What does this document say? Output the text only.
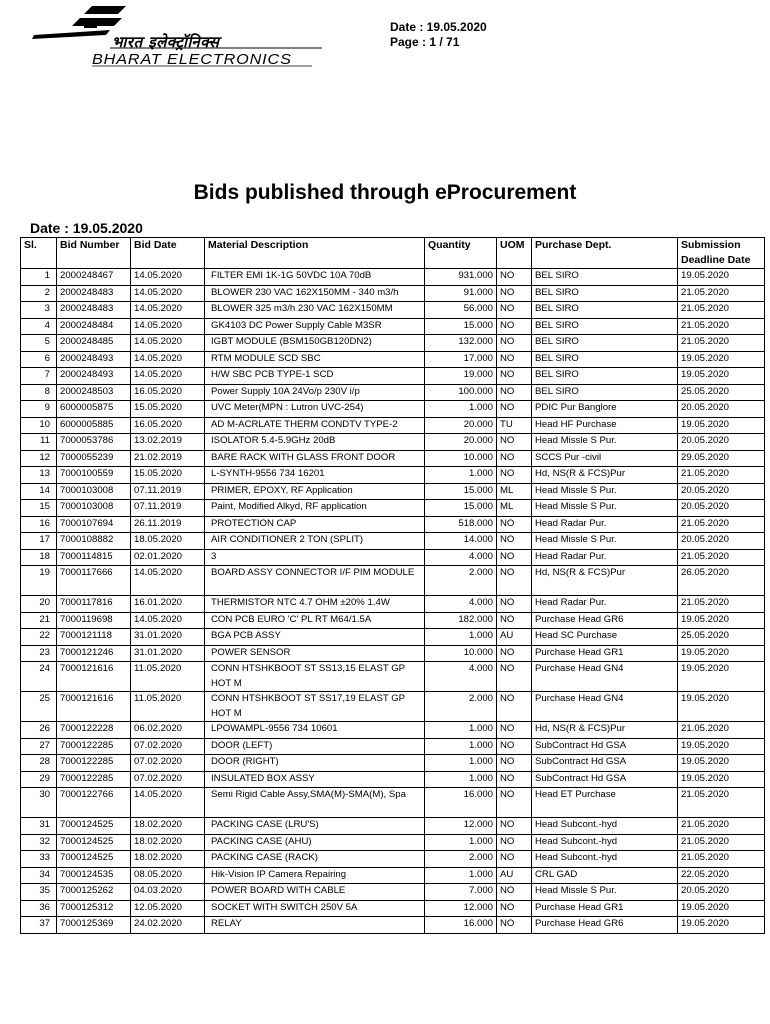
भारत इलेक्ट्रॉनिक्स
BHARAT ELECTRONICS
Date : 19.05.2020
Page : 1 / 71
Bids published through eProcurement
Date : 19.05.2020
Sl.	Bid Number	Bid Date	Material Description	Quantity	UOM	Purchase Dept.	Submission Deadline Date
1	2000248467	14.05.2020	FILTER EMI 1K-1G 50VDC 10A 70dB	931.000	NO	BEL SIRO	19.05.2020
2	2000248483	14.05.2020	BLOWER 230 VAC 162X150MM - 340 m3/h	91.000	NO	BEL SIRO	21.05.2020
3	2000248483	14.05.2020	BLOWER 325 m3/h 230 VAC 162X150MM	56.000	NO	BEL SIRO	21.05.2020
4	2000248484	14.05.2020	GK4103 DC Power Supply Cable M3SR	15.000	NO	BEL SIRO	21.05.2020
5	2000248485	14.05.2020	IGBT MODULE (BSM150GB120DN2)	132.000	NO	BEL SIRO	21.05.2020
6	2000248493	14.05.2020	RTM MODULE SCD SBC	17.000	NO	BEL SIRO	19.05.2020
7	2000248493	14.05.2020	H/W SBC PCB TYPE-1 SCD	19.000	NO	BEL SIRO	19.05.2020
8	2000248503	16.05.2020	Power Supply 10A 24Vo/p 230V i/p	100.000	NO	BEL SIRO	25.05.2020
9	6000005875	15.05.2020	UVC Meter(MPN : Lutron UVC-254)	1.000	NO	PDIC Pur Banglore	20.05.2020
10	6000005885	16.05.2020	AD M-ACRLATE THERM CONDTV TYPE-2	20.000	TU	Head HF Purchase	19.05.2020
11	7000053786	13.02.2019	ISOLATOR 5.4-5.9GHz 20dB	20.000	NO	Head Missle S Pur.	20.05.2020
12	7000055239	21.02.2019	BARE RACK WITH GLASS FRONT DOOR	10.000	NO	SCCS Pur -civil	29.05.2020
13	7000100559	15.05.2020	L-SYNTH-9556 734 16201	1.000	NO	Hd, NS(R & FCS)Pur	21.05.2020
14	7000103008	07.11.2019	PRIMER, EPOXY, RF Application	15.000	ML	Head Missle S Pur.	20.05.2020
15	7000103008	07.11.2019	Paint, Modified Alkyd, RF application	15.000	ML	Head Missle S Pur.	20.05.2020
16	7000107694	26.11.2019	PROTECTION CAP	518.000	NO	Head Radar Pur.	21.05.2020
17	7000108882	18.05.2020	AIR CONDITIONER 2 TON (SPLIT)	14.000	NO	Head Missle S Pur.	20.05.2020
18	7000114815	02.01.2020	3	4.000	NO	Head Radar Pur.	21.05.2020
19	7000117666	14.05.2020	BOARD ASSY CONNECTOR I/F PIM MODULE	2.000	NO	Hd, NS(R & FCS)Pur	26.05.2020
20	7000117816	16.01.2020	THERMISTOR NTC 4.7 OHM ±20% 1.4W	4.000	NO	Head Radar Pur.	21.05.2020
21	7000119698	14.05.2020	CON PCB EURO 'C' PL RT M64/1.5A	182.000	NO	Purchase Head GR6	19.05.2020
22	7000121118	31.01.2020	BGA PCB ASSY	1.000	AU	Head SC Purchase	25.05.2020
23	7000121246	31.01.2020	POWER SENSOR	10.000	NO	Purchase Head GR1	19.05.2020
24	7000121616	11.05.2020	CONN HTSHKBOOT ST SS13,15 ELAST GP HOT M	4.000	NO	Purchase Head GN4	19.05.2020
25	7000121616	11.05.2020	CONN HTSHKBOOT ST SS17,19 ELAST GP HOT M	2.000	NO	Purchase Head GN4	19.05.2020
26	7000122228	06.02.2020	LPOWAMPL-9556 734 10601	1.000	NO	Hd, NS(R & FCS)Pur	21.05.2020
27	7000122285	07.02.2020	DOOR (LEFT)	1.000	NO	SubContract Hd GSA	19.05.2020
28	7000122285	07.02.2020	DOOR (RIGHT)	1.000	NO	SubContract Hd GSA	19.05.2020
29	7000122285	07.02.2020	INSULATED BOX ASSY	1.000	NO	SubContract Hd GSA	19.05.2020
30	7000122766	14.05.2020	Semi Rigid Cable Assy,SMA(M)-SMA(M), Spa	16.000	NO	Head ET Purchase	21.05.2020
31	7000124525	18.02.2020	PACKING CASE (LRU'S)	12.000	NO	Head Subcont.-hyd	21.05.2020
32	7000124525	18.02.2020	PACKING CASE (AHU)	1.000	NO	Head Subcont.-hyd	21.05.2020
33	7000124525	18.02.2020	PACKING CASE (RACK)	2.000	NO	Head Subcont.-hyd	21.05.2020
34	7000124535	08.05.2020	Hik-Vision IP Camera Repairing	1.000	AU	CRL GAD	22.05.2020
35	7000125262	04.03.2020	POWER BOARD WITH CABLE	7.000	NO	Head Missle S Pur.	20.05.2020
36	7000125312	12.05.2020	SOCKET WITH SWITCH 250V 5A	12.000	NO	Purchase Head GR1	19.05.2020
37	7000125369	24.02.2020	RELAY	16.000	NO	Purchase Head GR6	19.05.2020
